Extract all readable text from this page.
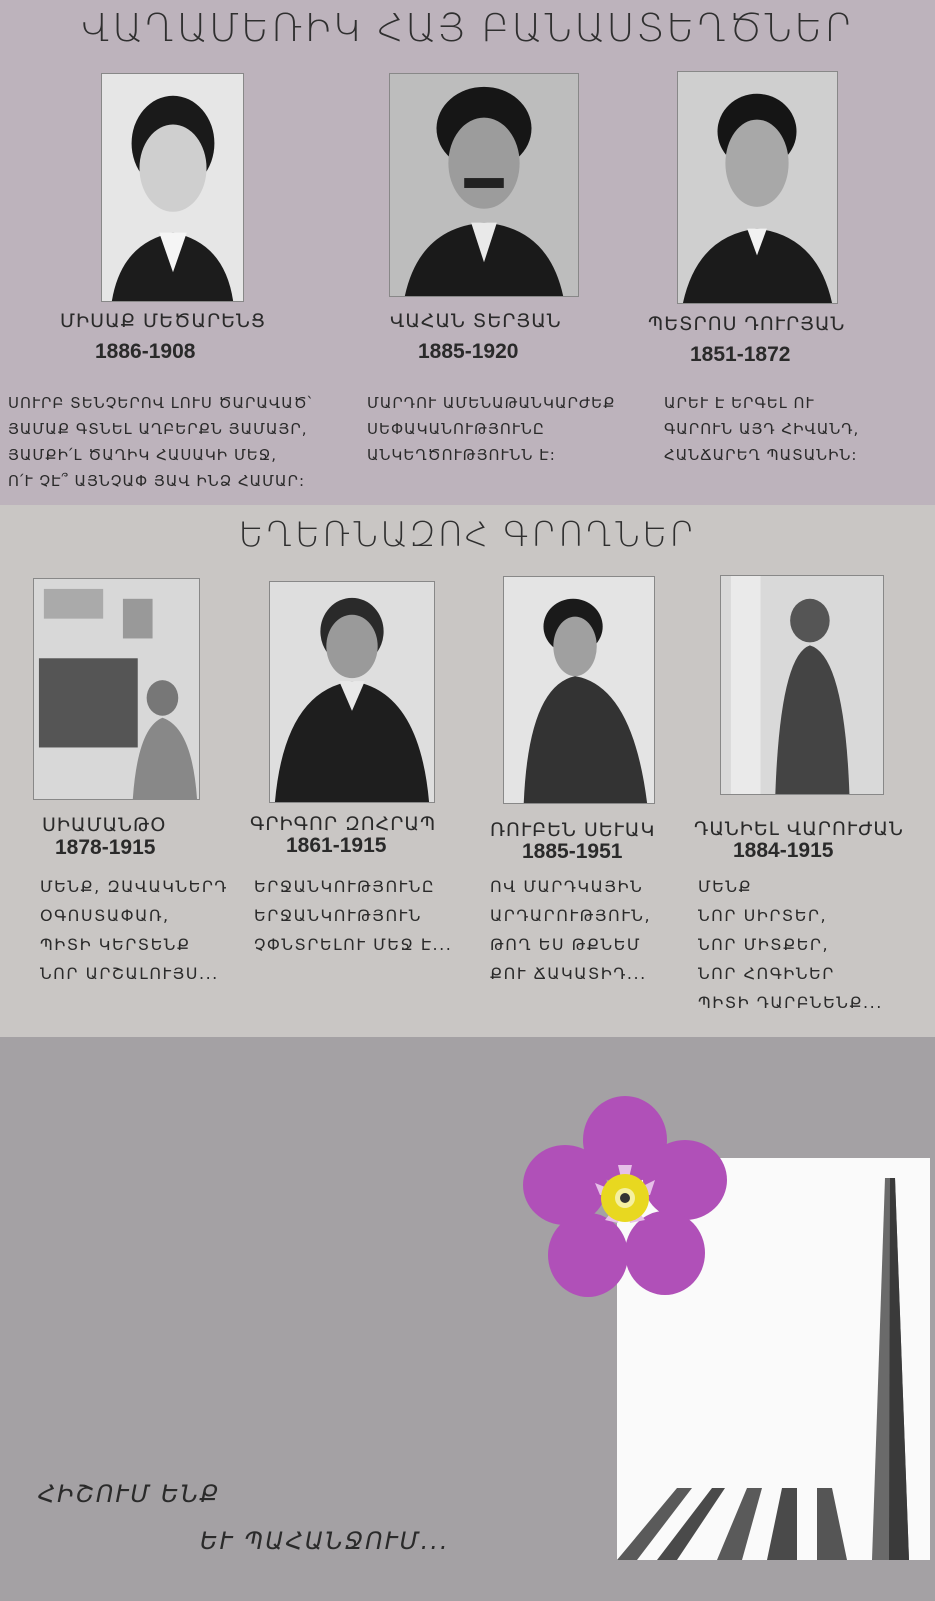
ՎԱՂԱՄԵՌԻԿ ՀԱՅ ԲԱՆԱՍՏԵՂԾՆԵՐ
ՄԻՍԱՔ ՄԵԾԱՐԵՆՑ
1886-1908
ՎԱՀԱՆ ՏԵՐՅԱՆ
1885-1920
ՊԵՏՐՈՍ ԴՈՒՐՅԱՆ
1851-1872
ՍՈՒՐԲ ՏԵՆՉԵՐՈՎ ԼՈՒՍ ԾԱՐԱՎԱԾ՝
ՅԱՄԱՔ ԳՏՆԵԼ ԱՂԲԵՐՔՆ ՅԱՄԱՅՐ,
ՅԱՄՔԻ՛Լ ԾԱՂԻԿ ՀԱՍԱԿԻ ՄԵՋ,
Ո՛Ւ ՉԷ՞ ԱՅՆՉԱՓ ՅԱՎ ԻՆՁ ՀԱՄԱՐ:
ՄԱՐԴՈՒ ԱՄԵՆԱԹԱՆԿԱՐԺԵՔ
ՍԵՓԱԿԱՆՈՒԹՅՈՒՆԸ
ԱՆԿԵՂԾՈՒԹՅՈՒՆՆ Է:
ԱՐԵՒ Է ԵՐԳԵԼ ՈՒ
ԳԱՐՈՒՆ ԱՅԴ ՀԻՎԱՆԴ,
ՀԱՆՃԱՐԵՂ ՊԱՏԱՆԻՆ:
ԵՂԵՌՆԱԶՈՀ ԳՐՈՂՆԵՐ
ՍԻԱՄԱՆԹՕ
1878-1915
ԳՐԻԳՈՐ ԶՈՀՐԱՊ
1861-1915
ՌՈՒԲԵՆ ՍԵՒԱԿ
1885-1951
ԴԱՆԻԵԼ ՎԱՐՈՒԺԱՆ
1884-1915
ՄԵՆՔ, ԶԱՎԱԿՆԵՐԴ
ՕԳՈՍՏԱՓԱՌ,
ՊԻՏԻ ԿԵՐՏԵՆՔ
ՆՈՐ ԱՐՇԱԼՈՒՅՍ...
ԵՐՋԱՆԿՈՒԹՅՈՒՆԸ
ԵՐՋԱՆԿՈՒԹՅՈՒՆ
ՉՓՆՏՐԵԼՈՒ ՄԵՋ Է...
ՈՎ ՄԱՐԴԿԱՅԻՆ
ԱՐԴԱՐՈՒԹՅՈՒՆ,
ԹՈՂ ԵՍ ԹՔՆԵՄ
ՔՈՒ ՃԱԿԱՏԻԴ...
ՄԵՆՔ
ՆՈՐ ՍԻՐՏԵՐ,
ՆՈՐ ՄԻՏՔԵՐ,
ՆՈՐ ՀՈԳԻՆԵՐ
ՊԻՏԻ ԴԱՐԲՆԵՆՔ...
ՀԻՇՈՒՄ ԵՆՔ
ԵՒ ՊԱՀԱՆՋՈՒՄ...
